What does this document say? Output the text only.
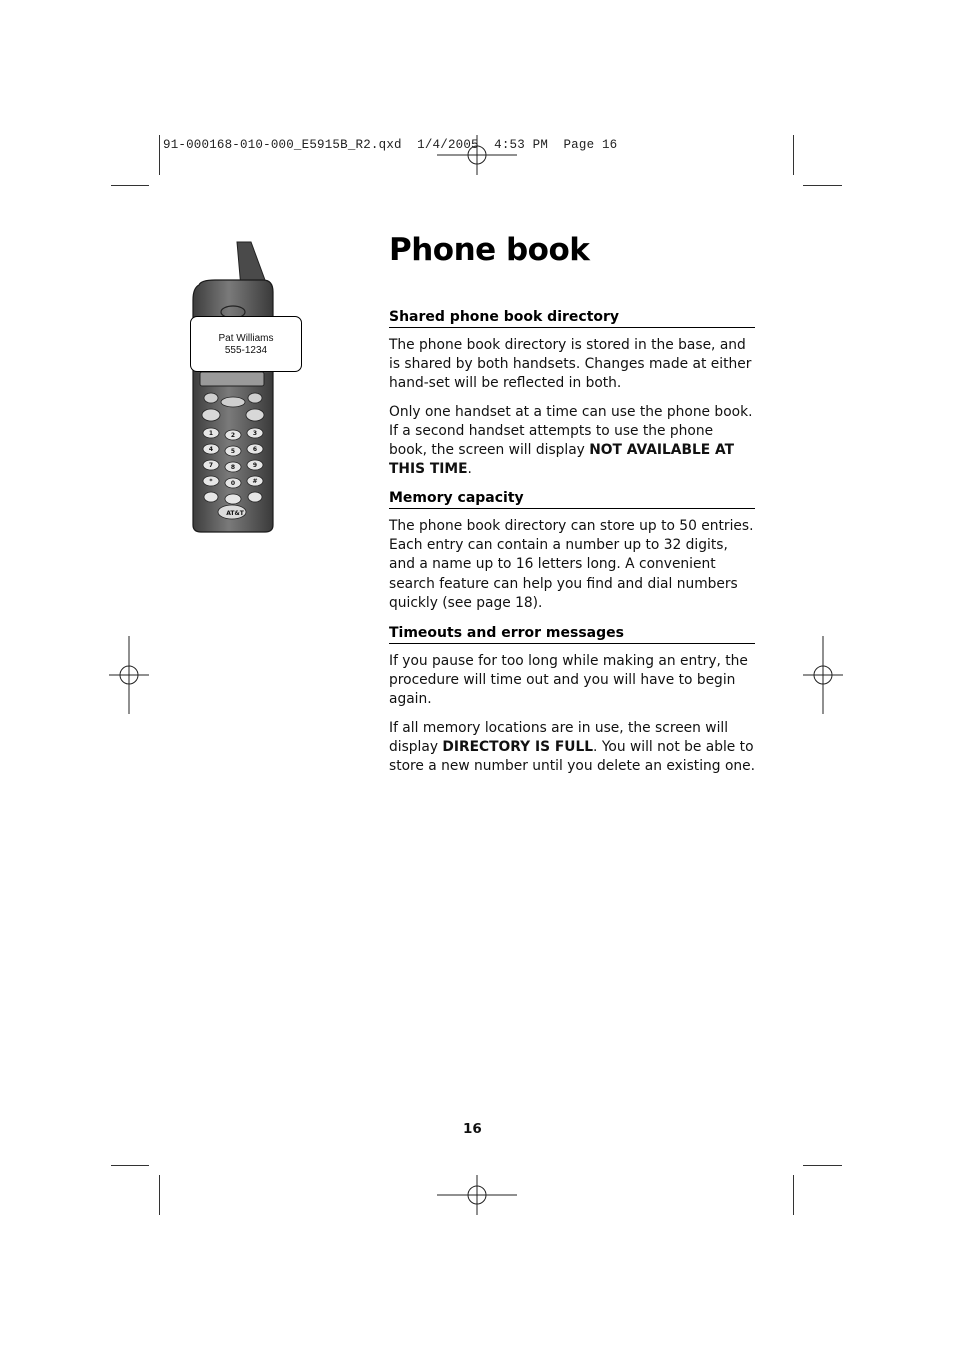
91-000168-010-000_E5915B_R2.qxd  1/4/2005  4:53 PM  Page 16
1	2	3
4	5	6
7	8	9
*	0	#
AT&T
Pat Williams
555-1234
Phone book
Shared phone book directory

The phone book directory is stored in the base, and is shared by both handsets. Changes made at either hand-set will be reflected in both.

Only one handset at a time can use the phone book. If a second handset attempts to use the phone book, the screen will display NOT AVAILABLE AT THIS TIME.

Memory capacity

The phone book directory can store up to 50 entries. Each entry can contain a number up to 32 digits, and a name up to 16 letters long. A convenient search feature can help you find and dial numbers quickly (see page 18).

Timeouts and error messages

If you pause for too long while making an entry, the procedure will time out and you will have to begin again.

If all memory locations are in use, the screen will display DIRECTORY IS FULL. You will not be able to store a new number until you delete an existing one.

16
